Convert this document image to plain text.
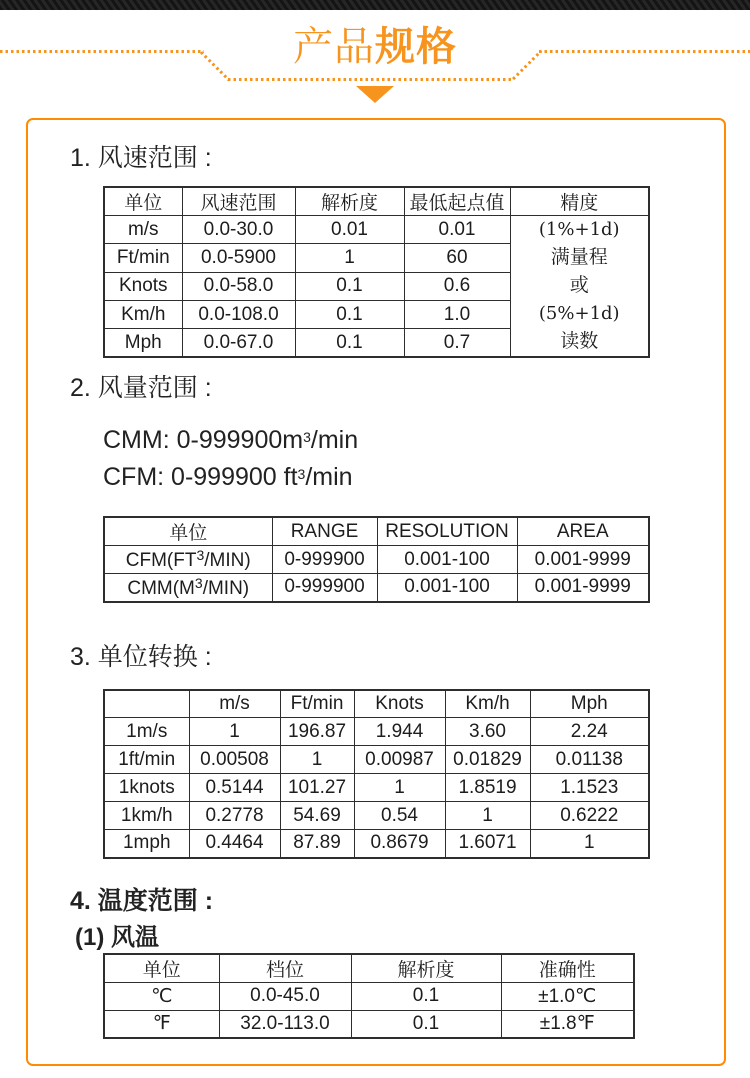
产品规格
1. 风速范围 :
单位	风速范围	解析度	最低起点值	精度
m/s	0.0-30.0	0.01	0.01	(1%+1d)
满量程
或
(5%+1d)
读数

Ft/min	0.0-5900	1	60	
Knots	0.0-58.0	0.1	0.6	
Km/h	0.0-108.0	0.1	1.0	
Mph	0.0-67.0	0.1	0.7	
2. 风量范围 :
CMM: $0-999900m^3/\min$
CFM: 0-999900 $ft^3/\min$
单位	RANGE	RESOLUTION	AREA
$CFM(FT^3/MIN)$	0-999900	0.001-100	0.001-9999
$CMM(M^3/MIN)$	0-999900	0.001-100	0.001-9999
3. 单位转换 :
	m/s	Ft/min	Knots	Km/h	Mph
1m/s	1	196.87	1.944	3.60	2.24
1ft/min	0.00508	1	0.00987	0.01829	0.01138
1knots	0.5144	101.27	1	1.8519	1.1523
1km/h	0.2778	54.69	0.54	1	0.6222
1mph	0.4464	87.89	0.8679	1.6071	1
4. 温度范围 :
(1) 风温
单位	档位	解析度	准确性
℃	0.0-45.0	0.1	±1.0℃
℉	32.0-113.0	0.1	±1.8℉
